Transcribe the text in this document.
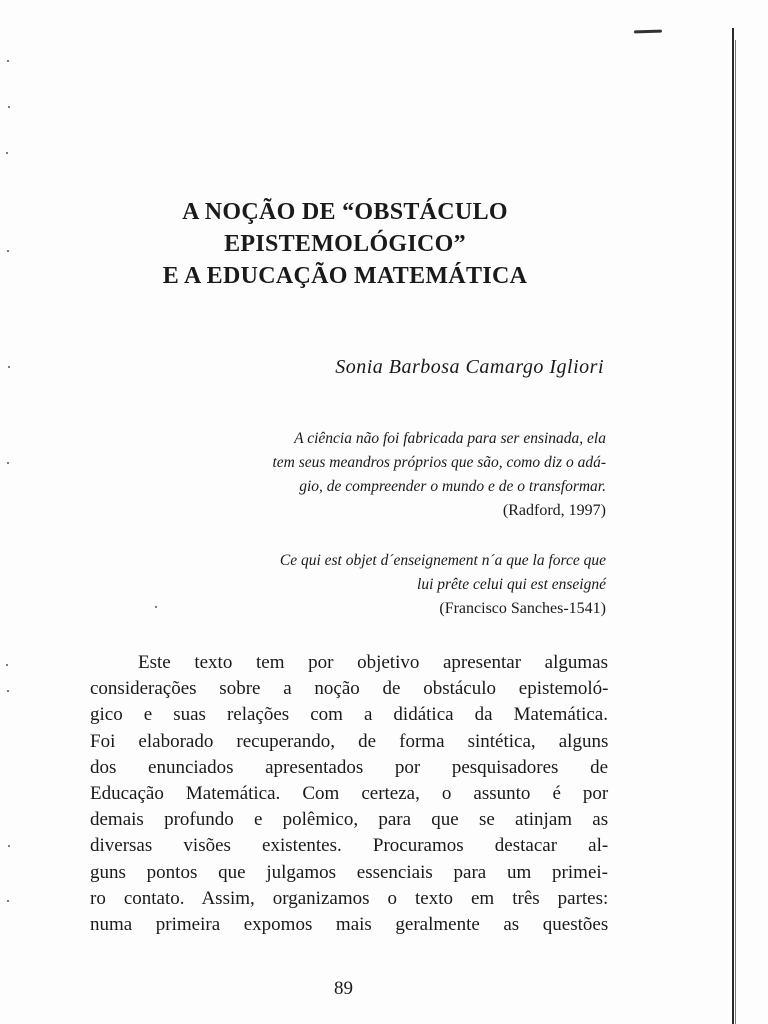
A NOÇÃO DE “OBSTÁCULO
EPISTEMOLÓGICO”
E A EDUCAÇÃO MATEMÁTICA
Sonia Barbosa Camargo Igliori
A ciência não foi fabricada para ser ensinada, ela
tem seus meandros próprios que são, como diz o adá-
gio, de compreender o mundo e de o transformar.
(Radford, 1997)
Ce qui est objet d´enseignement n´a que la force que
lui prête celui qui est enseigné
(Francisco Sanches-1541)
Este texto tem por objetivo apresentar algumas
considerações sobre a noção de obstáculo epistemoló-
gico e suas relações com a didática da Matemática.
Foi elaborado recuperando, de forma sintética, alguns
dos enunciados apresentados por pesquisadores de
Educação Matemática. Com certeza, o assunto é por
demais profundo e polêmico, para que se atinjam as
diversas visões existentes. Procuramos destacar al-
guns pontos que julgamos essenciais para um primei-
ro contato. Assim, organizamos o texto em três partes:
numa primeira expomos mais geralmente as questões
89
